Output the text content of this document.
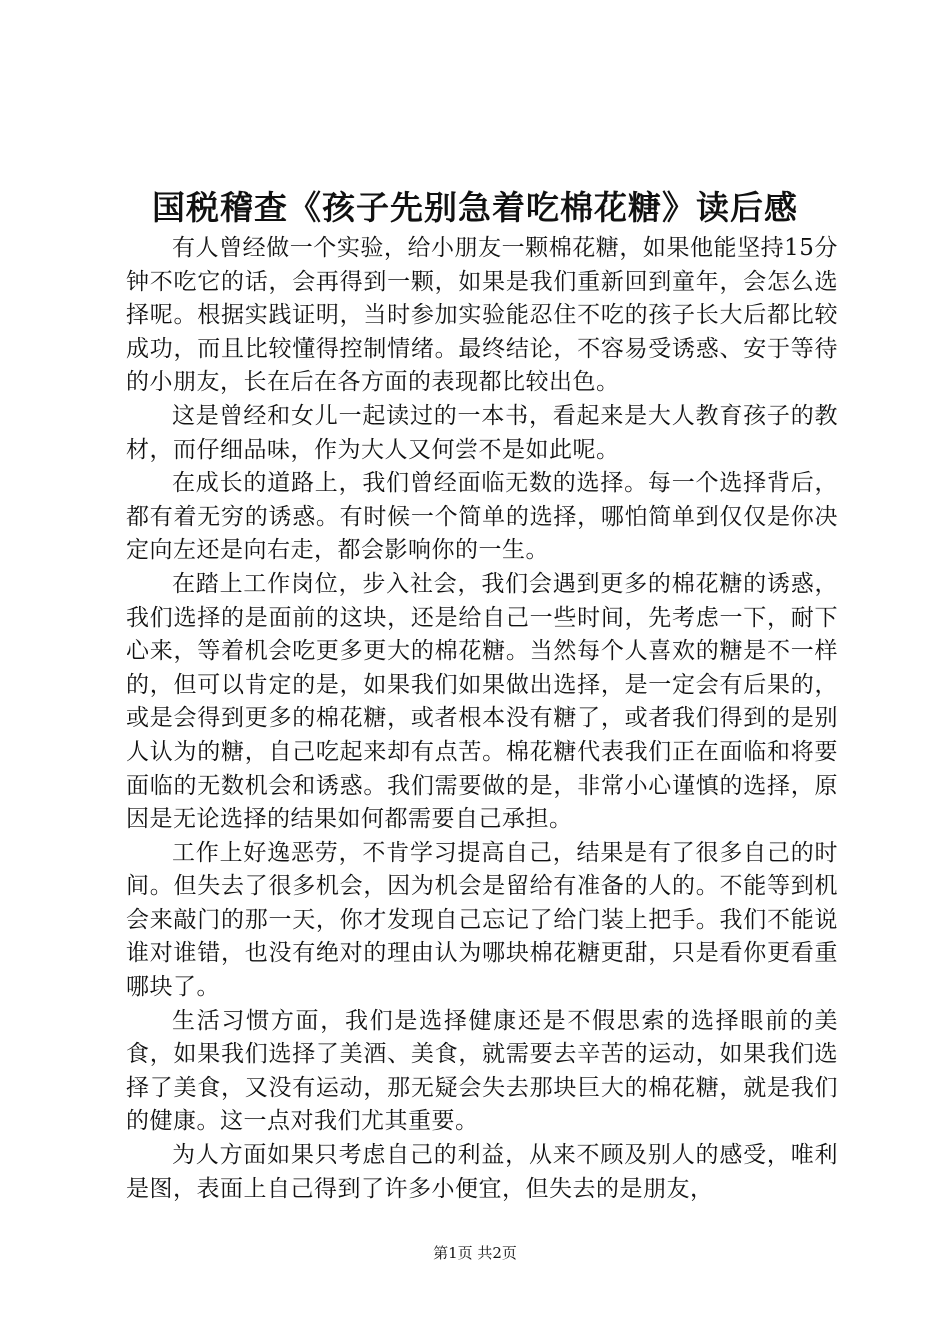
国税稽查《孩子先别急着吃棉花糖》读后感

有人曾经做一个实验，给小朋友一颗棉花糖，如果他能坚持15分钟不吃它的话，会再得到一颗，如果是我们重新回到童年，会怎么选择呢。根据实践证明，当时参加实验能忍住不吃的孩子长大后都比较成功，而且比较懂得控制情绪。最终结论，不容易受诱惑、安于等待的小朋友，长在后在各方面的表现都比较出色。

这是曾经和女儿一起读过的一本书，看起来是大人教育孩子的教材，而仔细品味，作为大人又何尝不是如此呢。

在成长的道路上，我们曾经面临无数的选择。每一个选择背后，都有着无穷的诱惑。有时候一个简单的选择，哪怕简单到仅仅是你决定向左还是向右走，都会影响你的一生。

在踏上工作岗位，步入社会，我们会遇到更多的棉花糖的诱惑，我们选择的是面前的这块，还是给自己一些时间，先考虑一下，耐下心来，等着机会吃更多更大的棉花糖。当然每个人喜欢的糖是不一样的，但可以肯定的是，如果我们如果做出选择，是一定会有后果的，或是会得到更多的棉花糖，或者根本没有糖了，或者我们得到的是别人认为的糖，自己吃起来却有点苦。棉花糖代表我们正在面临和将要面临的无数机会和诱惑。我们需要做的是，非常小心谨慎的选择，原因是无论选择的结果如何都需要自己承担。

工作上好逸恶劳，不肯学习提高自己，结果是有了很多自己的时间。但失去了很多机会，因为机会是留给有准备的人的。不能等到机会来敲门的那一天，你才发现自己忘记了给门装上把手。我们不能说谁对谁错，也没有绝对的理由认为哪块棉花糖更甜，只是看你更看重哪块了。

生活习惯方面，我们是选择健康还是不假思索的选择眼前的美食，如果我们选择了美酒、美食，就需要去辛苦的运动，如果我们选择了美食，又没有运动，那无疑会失去那块巨大的棉花糖，就是我们的健康。这一点对我们尤其重要。

为人方面如果只考虑自己的利益，从来不顾及别人的感受，唯利是图，表面上自己得到了许多小便宜，但失去的是朋友，

第1页 共2页
